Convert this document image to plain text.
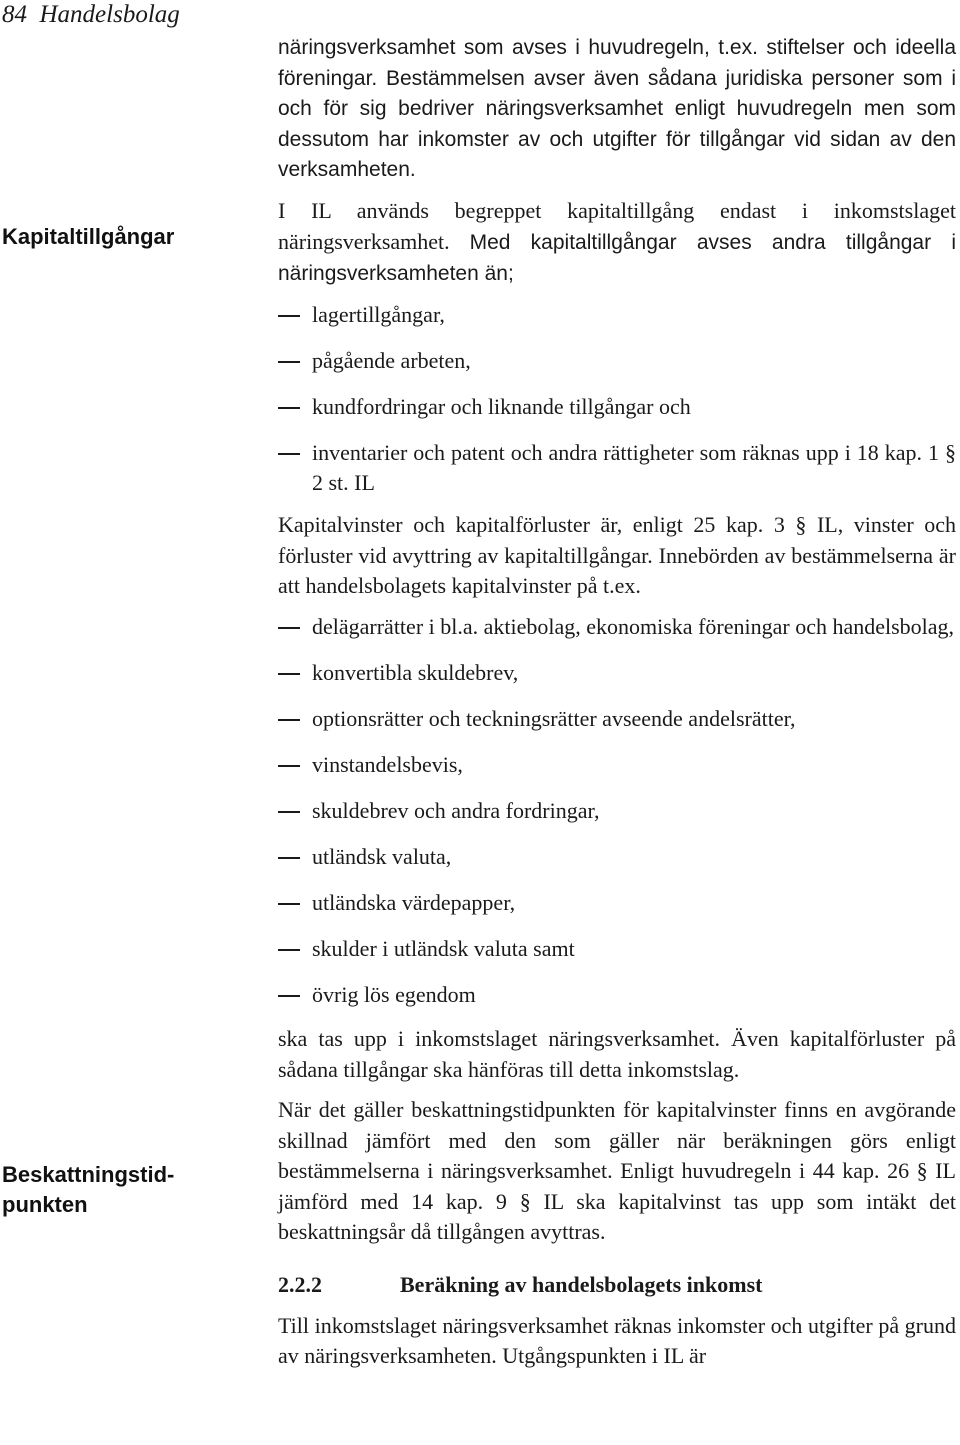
84 Handelsbolag
Kapitaltillgångar
Beskattningstid-
punkten

näringsverksamhet som avses i huvudregeln, t.ex. stiftelser och ideella föreningar. Bestämmelsen avser även sådana juridiska personer som i och för sig bedriver näringsverksamhet enligt huvudregeln men som dessutom har inkomster av och utgifter för tillgångar vid sidan av den verksamheten.

I IL används begreppet kapitaltillgång endast i inkomstslaget näringsverksamhet. Med kapitaltillgångar avses andra tillgångar i näringsverksamheten än;

lagertillgångar,
pågående arbeten,
kundfordringar och liknande tillgångar och
inventarier och patent och andra rättigheter som räknas upp i 18 kap. 1 § 2 st. IL

Kapitalvinster och kapitalförluster är, enligt 25 kap. 3 § IL, vinster och förluster vid avyttring av kapitaltillgångar. Innebörden av bestämmelserna är att handelsbolagets kapitalvinster på t.ex.

delägarrätter i bl.a. aktiebolag, ekonomiska föreningar och handelsbolag,
konvertibla skuldebrev,
optionsrätter och teckningsrätter avseende andelsrätter,
vinstandelsbevis,
skuldebrev och andra fordringar,
utländsk valuta,
utländska värdepapper,
skulder i utländsk valuta samt
övrig lös egendom

ska tas upp i inkomstslaget näringsverksamhet. Även kapitalförluster på sådana tillgångar ska hänföras till detta inkomstslag.

När det gäller beskattningstidpunkten för kapitalvinster finns en avgörande skillnad jämfört med den som gäller när beräkningen görs enligt bestämmelserna i näringsverksamhet. Enligt huvudregeln i 44 kap. 26 § IL jämförd med 14 kap. 9 § IL ska kapitalvinst tas upp som intäkt det beskattningsår då tillgången avyttras.

2.2.2	Beräkning av handelsbolagets inkomst

Till inkomstslaget näringsverksamhet räknas inkomster och utgifter på grund av näringsverksamheten. Utgångspunkten i IL är
